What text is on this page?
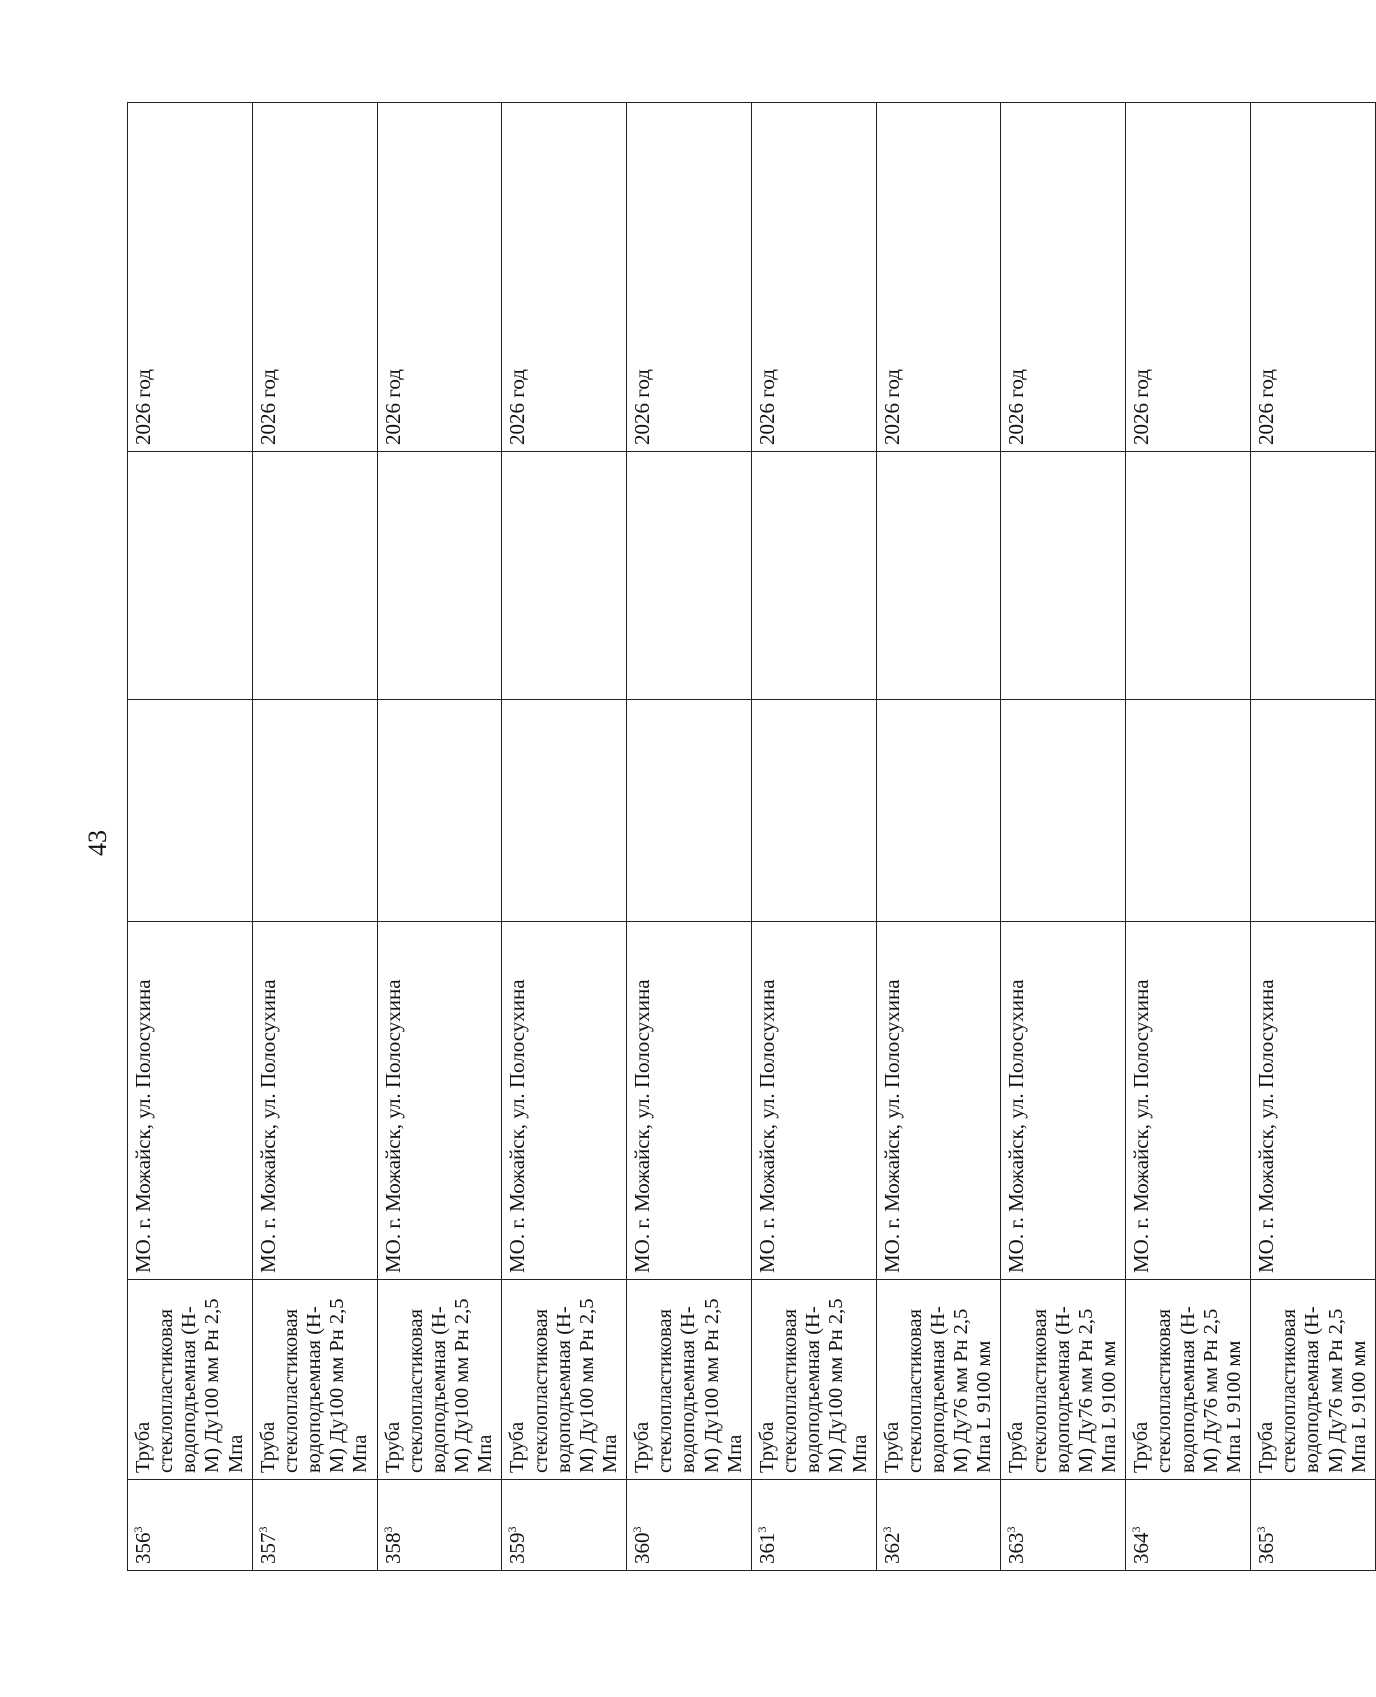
43
$356^3$	Труба стеклопластиковая водоподъемная (Н-М) Ду100 мм Рн 2,5 Мпа	МО. г. Можайск, ул. Полосухина			2026 год
$357^3$	Труба стеклопластиковая водоподъемная (Н-М) Ду100 мм Рн 2,5 Мпа	МО. г. Можайск, ул. Полосухина			2026 год
$358^3$	Труба стеклопластиковая водоподъемная (Н-М) Ду100 мм Рн 2,5 Мпа	МО. г. Можайск, ул. Полосухина			2026 год
$359^3$	Труба стеклопластиковая водоподъемная (Н-М) Ду100 мм Рн 2,5 Мпа	МО. г. Можайск, ул. Полосухина			2026 год
$360^3$	Труба стеклопластиковая водоподъемная (Н-М) Ду100 мм Рн 2,5 Мпа	МО. г. Можайск, ул. Полосухина			2026 год
$361^3$	Труба стеклопластиковая водоподъемная (Н-М) Ду100 мм Рн 2,5 Мпа	МО. г. Можайск, ул. Полосухина			2026 год
$362^3$	Труба стеклопластиковая водоподъемная (Н-М) Ду76 мм Рн 2,5 Мпа L 9100 мм	МО. г. Можайск, ул. Полосухина			2026 год
$363^3$	Труба стеклопластиковая водоподъемная (Н-М) Ду76 мм Рн 2,5 Мпа L 9100 мм	МО. г. Можайск, ул. Полосухина			2026 год
$364^3$	Труба стеклопластиковая водоподъемная (Н-М) Ду76 мм Рн 2,5 Мпа L 9100 мм	МО. г. Можайск, ул. Полосухина			2026 год
$365^3$	Труба стеклопластиковая водоподъемная (Н-М) Ду76 мм Рн 2,5 Мпа L 9100 мм	МО. г. Можайск, ул. Полосухина			2026 год
